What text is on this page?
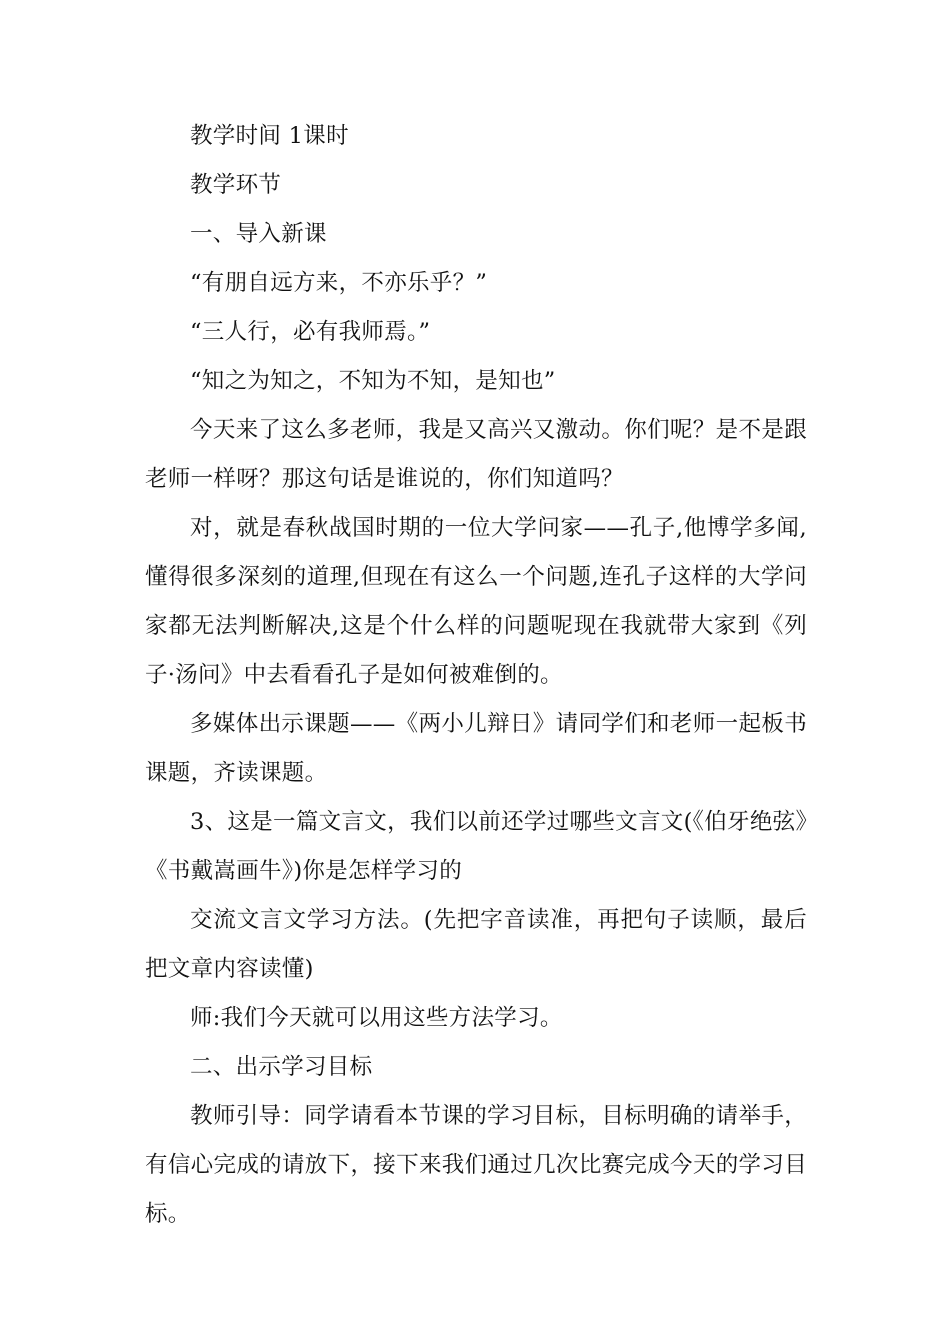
教学时间 1课时

教学环节

一、导入新课

“有朋自远方来，不亦乐乎？”

“三人行，必有我师焉。”

“知之为知之，不知为不知，是知也”

今天来了这么多老师，我是又高兴又激动。你们呢？是不是跟老师一样呀？那这句话是谁说的，你们知道吗？

对，就是春秋战国时期的一位大学问家——孔子,他博学多闻,懂得很多深刻的道理,但现在有这么一个问题,连孔子这样的大学问家都无法判断解决,这是个什么样的问题呢现在我就带大家到《列子·汤问》中去看看孔子是如何被难倒的。

多媒体出示课题——《两小儿辩日》请同学们和老师一起板书课题，齐读课题。

3、这是一篇文言文，我们以前还学过哪些文言文(《伯牙绝弦》《书戴嵩画牛》)你是怎样学习的

交流文言文学习方法。(先把字音读准，再把句子读顺，最后把文章内容读懂)

师:我们今天就可以用这些方法学习。

二、出示学习目标

教师引导：同学请看本节课的学习目标，目标明确的请举手，有信心完成的请放下，接下来我们通过几次比赛完成今天的学习目标。
